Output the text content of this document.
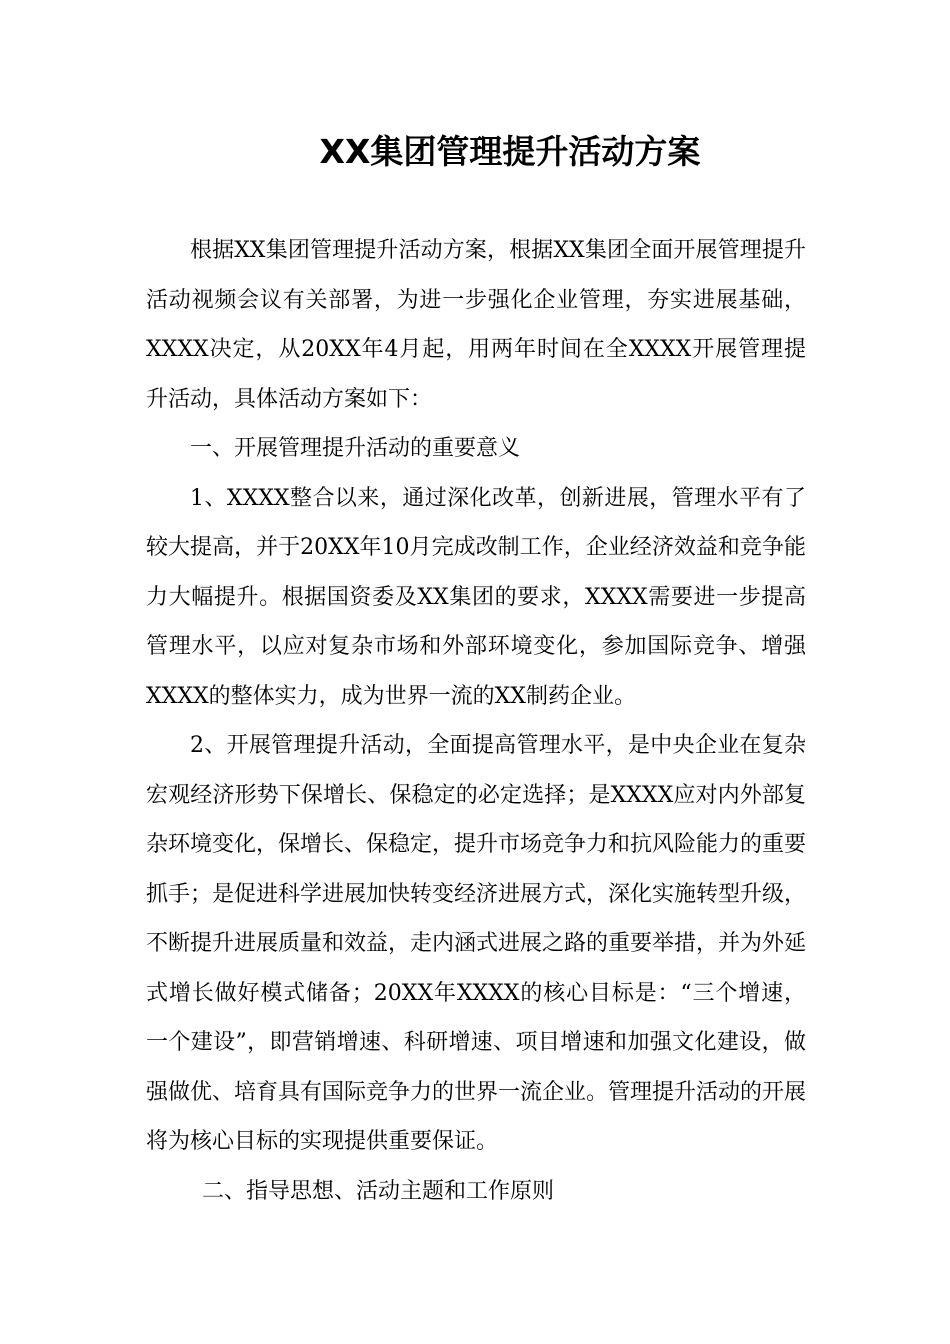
XX集团管理提升活动方案

根据XX集团管理提升活动方案，根据XX集团全面开展管理提升活动视频会议有关部署，为进一步强化企业管理，夯实进展基础，XXXX决定，从20XX年4月起，用两年时间在全XXXX开展管理提升活动，具体活动方案如下：

一、开展管理提升活动的重要意义

1、XXXX整合以来，通过深化改革，创新进展，管理水平有了较大提高，并于20XX年10月完成改制工作，企业经济效益和竞争能力大幅提升。根据国资委及XX集团的要求，XXXX需要进一步提高管理水平，以应对复杂市场和外部环境变化，参加国际竞争、增强XXXX的整体实力，成为世界一流的XX制药企业。

2、开展管理提升活动，全面提高管理水平，是中央企业在复杂宏观经济形势下保增长、保稳定的必定选择；是XXXX应对内外部复杂环境变化，保增长、保稳定，提升市场竞争力和抗风险能力的重要抓手；是促进科学进展加快转变经济进展方式，深化实施转型升级，不断提升进展质量和效益，走内涵式进展之路的重要举措，并为外延式增长做好模式储备；20XX年XXXX的核心目标是：“三个增速，一个建设”，即营销增速、科研增速、项目增速和加强文化建设，做强做优、培育具有国际竞争力的世界一流企业。管理提升活动的开展将为核心目标的实现提供重要保证。

二、指导思想、活动主题和工作原则
